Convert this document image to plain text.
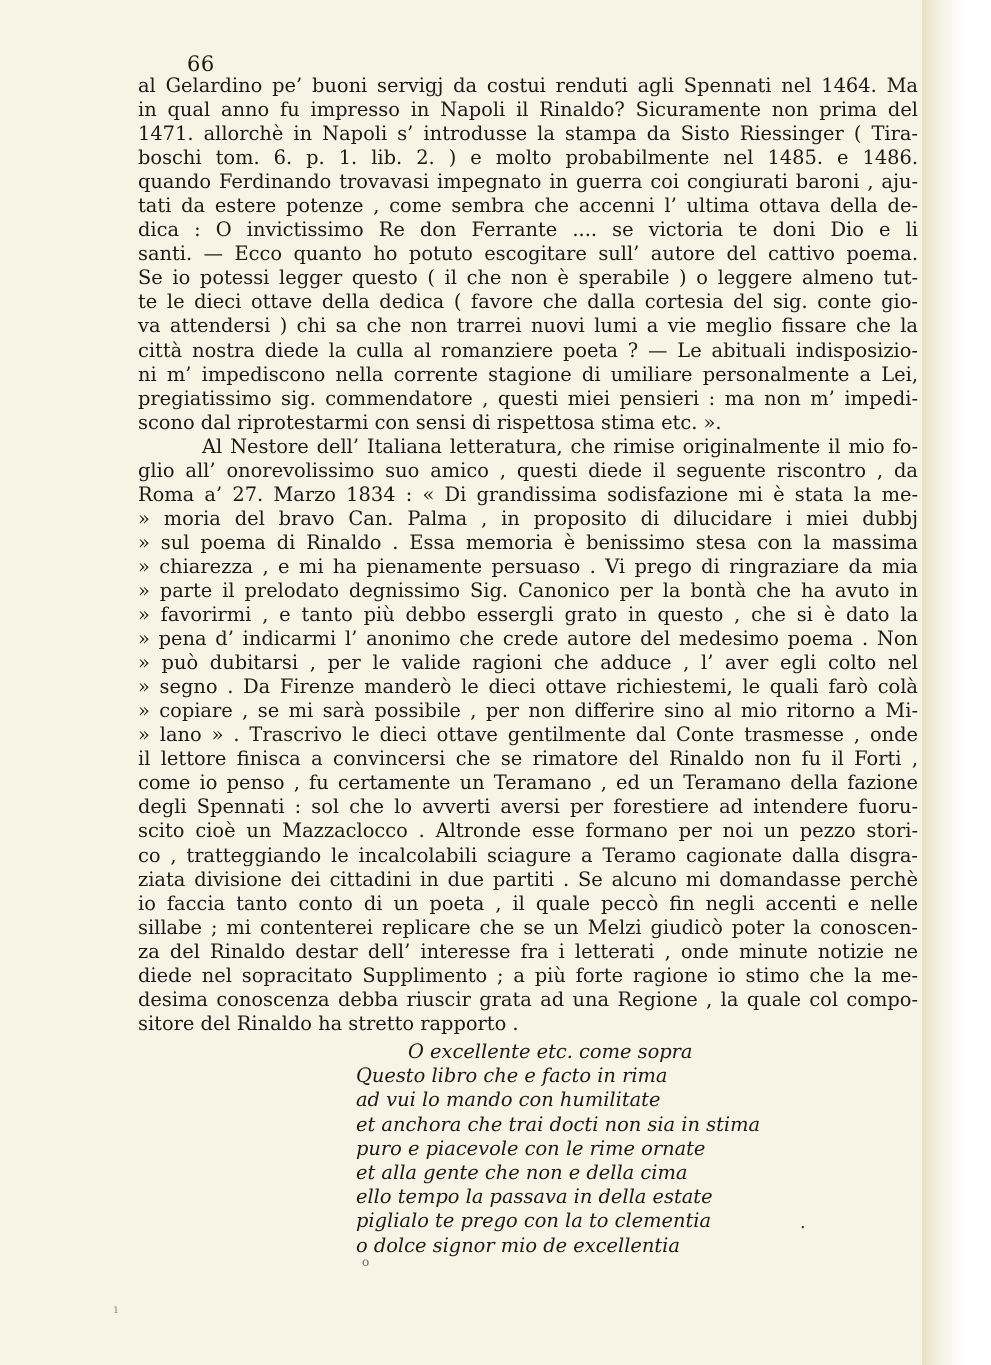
66
al Gelardino pe’ buoni servigj da costui renduti agli Spennati nel 1464. Ma
in qual anno fu impresso in Napoli il Rinaldo? Sicuramente non prima del
1471. allorchè in Napoli s’ introdusse la stampa da Sisto Riessinger ( Tira-
boschi tom. 6. p. 1. lib. 2. ) e molto probabilmente nel 1485. e 1486.
quando Ferdinando trovavasi impegnato in guerra coi congiurati baroni , aju-
tati da estere potenze , come sembra che accenni l’ ultima ottava della de-
dica : O invictissimo Re don Ferrante .... se victoria te doni Dio e li
santi. — Ecco quanto ho potuto escogitare sull’ autore del cattivo poema.
Se io potessi legger questo ( il che non è sperabile ) o leggere almeno tut-
te le dieci ottave della dedica ( favore che dalla cortesia del sig. conte gio-
va attendersi ) chi sa che non trarrei nuovi lumi a vie meglio fissare che la
città nostra diede la culla al romanziere poeta ? — Le abituali indisposizio-
ni m’ impediscono nella corrente stagione di umiliare personalmente a Lei,
pregiatissimo sig. commendatore , questi miei pensieri : ma non m’ impedi-
scono dal riprotestarmi con sensi di rispettosa stima etc. ».
Al Nestore dell’ Italiana letteratura, che rimise originalmente il mio fo-
glio all’ onorevolissimo suo amico , questi diede il seguente riscontro , da
Roma a’ 27. Marzo 1834 : « Di grandissima sodisfazione mi è stata la me-
» moria del bravo Can. Palma , in proposito di dilucidare i miei dubbj
» sul poema di Rinaldo . Essa memoria è benissimo stesa con la massima
» chiarezza , e mi ha pienamente persuaso . Vi prego di ringraziare da mia
» parte il prelodato degnissimo Sig. Canonico per la bontà che ha avuto in
» favorirmi , e tanto più debbo essergli grato in questo , che si è dato la
» pena d’ indicarmi l’ anonimo che crede autore del medesimo poema . Non
» può dubitarsi , per le valide ragioni che adduce , l’ aver egli colto nel
» segno . Da Firenze manderò le dieci ottave richiestemi, le quali farò colà
» copiare , se mi sarà possibile , per non differire sino al mio ritorno a Mi-
» lano » . Trascrivo le dieci ottave gentilmente dal Conte trasmesse , onde
il lettore finisca a convincersi che se rimatore del Rinaldo non fu il Forti ,
come io penso , fu certamente un Teramano , ed un Teramano della fazione
degli Spennati : sol che lo avverti aversi per forestiere ad intendere fuoru-
scito cioè un Mazzaclocco . Altronde esse formano per noi un pezzo stori-
co , tratteggiando le incalcolabili sciagure a Teramo cagionate dalla disgra-
ziata divisione dei cittadini in due partiti . Se alcuno mi domandasse perchè
io faccia tanto conto di un poeta , il quale peccò fin negli accenti e nelle
sillabe ; mi contenterei replicare che se un Melzi giudicò poter la conoscen-
za del Rinaldo destar dell’ interesse fra i letterati , onde minute notizie ne
diede nel sopracitato Supplimento ; a più forte ragione io stimo che la me-
desima conoscenza debba riuscir grata ad una Regione , la quale col compo-
sitore del Rinaldo ha stretto rapporto .
O excellente etc. come sopra
Questo libro che e facto in rima
ad vui lo mando con humilitate
et anchora che trai docti non sia in stima
puro e piacevole con le rime ornate
et alla gente che non e della cima
ello tempo la passava in della estate
piglialo te prego con la to clementia
o dolce signor mio de excellentia
.
o
ı
